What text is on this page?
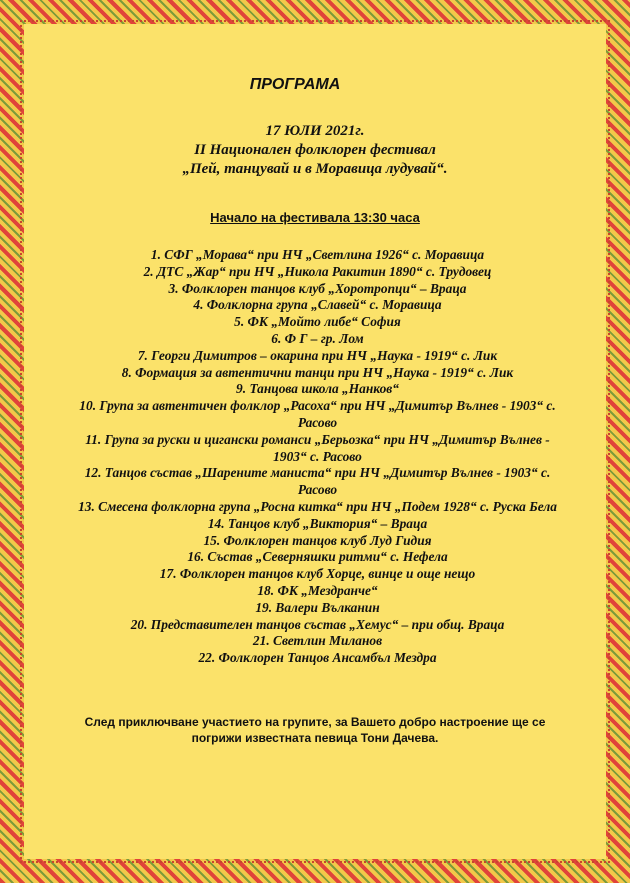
ПРОГРАМА
17 ЮЛИ 2021г.
II Национален фолклорен фестивал
„Пей, танцувай и в Моравица лудувай“.
Начало на фестивала 13:30 часа
1. СФГ „Морава“ при НЧ „Светлина 1926“ с. Моравица
2. ДТС „Жар“ при НЧ „Никола Ракитин 1890“ с. Трудовец
3. Фолклорен танцов клуб „Хоротропци“ – Враца
4. Фолклорна група „Славей“ с. Моравица
5. ФК „Мойто либе“ София
6. Ф Г – гр. Лом
7. Георги Димитров – окарина при НЧ „Наука - 1919“ с. Лик
8. Формация за автентични танци при НЧ „Наука - 1919“ с. Лик
9. Танцова школа „Нанков“
10. Група за автентичен фолклор „Расоха“ при НЧ „Димитър Вълнев - 1903“ с. Расово
11. Група за руски и цигански романси „Берьозка“ при НЧ „Димитър Вълнев - 1903“ с. Расово
12. Танцов състав „Шарените маниста“ при НЧ „Димитър Вълнев - 1903“ с. Расово
13. Смесена фолклорна група „Росна китка“ при НЧ „Подем 1928“ с. Руска Бела
14. Танцов клуб „Виктория“ – Враца
15. Фолклорен танцов клуб Луд Гидия
16. Състав „Северняшки ритми“ с. Нефела
17. Фолклорен танцов клуб Хорце, винце и още нещо
18. ФК „Мездранче“
19. Валери Вълканин
20. Представителен танцов състав „Хемус“ – при общ. Враца
21. Светлин Миланов
22. Фолклорен Танцов Ансамбъл Мездра
След приключване участието на групите, за Вашето добро настроение ще се
погрижи известната певица Тони Дачева.
